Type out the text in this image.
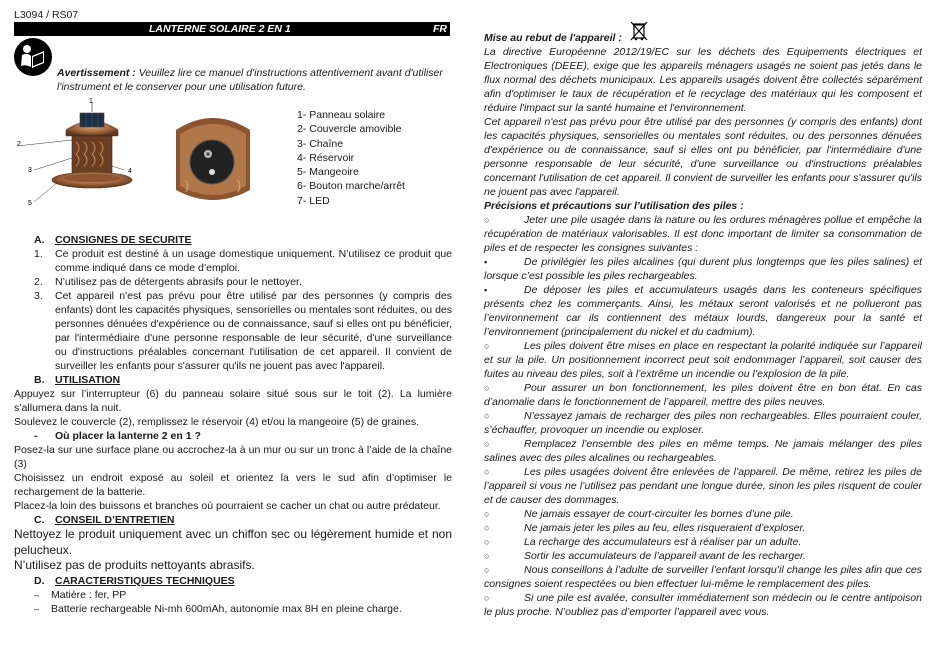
L3094 / RS07
LANTERNE SOLAIRE 2 EN 1	FR
Avertissement : Veuillez lire ce manuel d'instructions attentivement avant d'utiliser l'instrument et le conserver pour une utilisation future.
1
2
3	4
5
1- Panneau solaire
2- Couvercle amovible
3- Chaîne
4- Réservoir
5- Mangeoire
6- Bouton marche/arrêt
7- LED
A. CONSIGNES DE SECURITE
1.	Ce produit est destiné à un usage domestique uniquement. N’utilisez ce produit que comme indiqué dans ce mode d’emploi.
2.	N’utilisez pas de détergents abrasifs pour le nettoyer.
3.	Cet appareil n'est pas prévu pour être utilisé par des personnes (y compris des enfants) dont les capacités physiques, sensorielles ou mentales sont réduites, ou des personnes dénuées d'expérience ou de connaissance, sauf si elles ont pu bénéficier, par l'intermédiaire d'une personne responsable de leur sécurité, d'une surveillance ou d'instructions préalables concernant l'utilisation de cet appareil. Il convient de surveiller les enfants pour s'assurer qu'ils ne jouent pas avec l'appareil.
B. UTILISATION
Appuyez sur l’interrupteur (6) du panneau solaire situé sous sur le toit (2). La lumière s’allumera dans la nuit.
Soulevez le couvercle (2), remplissez le réservoir (4) et/ou la mangeoire (5) de graines.
- Où placer la lanterne 2 en 1 ?
Posez-la sur une surface plane ou accrochez-la à un mur ou sur un tronc à l’aide de la chaîne (3)
Choisissez un endroit exposé au soleil et orientez la vers le sud afin d’optimiser le rechargement de la batterie.
Placez-la loin des buissons et branches où pourraient se cacher un chat ou autre prédateur.
C. CONSEIL D’ENTRETIEN
Nettoyez le produit uniquement avec un chiffon sec ou légèrement humide et non pelucheux.
N’utilisez pas de produits nettoyants abrasifs.
D. CARACTERISTIQUES TECHNIQUES
–	Matière : fer, PP
–	Batterie rechargeable Ni-mh 600mAh, autonomie max 8H en pleine charge.
Mise au rebut de l'appareil :
La directive Européenne 2012/19/EC sur les déchets des Equipements électriques et Electroniques (DEEE), exige que les appareils ménagers usagés ne soient pas jetés dans le flux normal des déchets municipaux. Les appareils usagés doivent être collectés séparément afin d'optimiser le taux de récupération et le recyclage des matériaux qui les composent et réduire l'impact sur la santé humaine et l'environnement.
Cet appareil n'est pas prévu pour être utilisé par des personnes (y compris des enfants) dont les capacités physiques, sensorielles ou mentales sont réduites, ou des personnes dénuées d'expérience ou de connaissance, sauf si elles ont pu bénéficier, par l'intermédiaire d'une personne responsable de leur sécurité, d'une surveillance ou d'instructions préalables concernant l'utilisation de cet appareil. Il convient de surveiller les enfants pour s'assurer qu'ils ne jouent pas avec l'appareil.
Précisions et précautions sur l’utilisation des piles :
○	Jeter une pile usagée dans la nature ou les ordures ménagères pollue et empêche la récupération de matériaux valorisables. Il est donc important de limiter sa consommation de piles et de respecter les consignes suivantes :
▪	De privilégier les piles alcalines (qui durent plus longtemps que les piles salines) et lorsque c’est possible les piles rechargeables.
▪	De déposer les piles et accumulateurs usagés dans les conteneurs spécifiques présents chez les commerçants. Ainsi, les métaux seront valorisés et ne pollueront pas l’environnement car ils contiennent des métaux lourds, dangereux pour la santé et l’environnement (principalement du nickel et du cadmium).
○	Les piles doivent être mises en place en respectant la polarité indiquée sur l’appareil et sur la pile. Un positionnement incorrect peut soit endommager l’appareil, soit causer des fuites au niveau des piles, soit à l’extrême un incendie ou l’explosion de la pile.
○	Pour assurer un bon fonctionnement, les piles doivent être en bon état. En cas d’anomalie dans le fonctionnement de l’appareil, mettre des piles neuves.
○	N’essayez jamais de recharger des piles non rechargeables. Elles pourraient couler, s’échauffer, provoquer un incendie ou exploser.
○	Remplacez l’ensemble des piles en même temps. Ne jamais mélanger des piles salines avec des piles alcalines ou rechargeables.
○	Les piles usagées doivent être enlevées de l’appareil. De même, retirez les piles de l’appareil si vous ne l’utilisez pas pendant une longue durée, sinon les piles risquent de couler et de causer des dommages.
○	Ne jamais essayer de court-circuiter les bornes d’une pile.
○	Ne jamais jeter les piles au feu, elles risqueraient d’exploser.
○	La recharge des accumulateurs est à réaliser par un adulte.
○	Sortir les accumulateurs de l’appareil avant de les recharger.
○	Nous conseillons à l’adulte de surveiller l’enfant lorsqu’il change les piles afin que ces consignes soient respectées ou bien effectuer lui-même le remplacement des piles.
○	Si une pile est avalée, consulter immédiatement son médecin ou le centre antipoison le plus proche. N’oubliez pas d’emporter l’appareil avec vous.
